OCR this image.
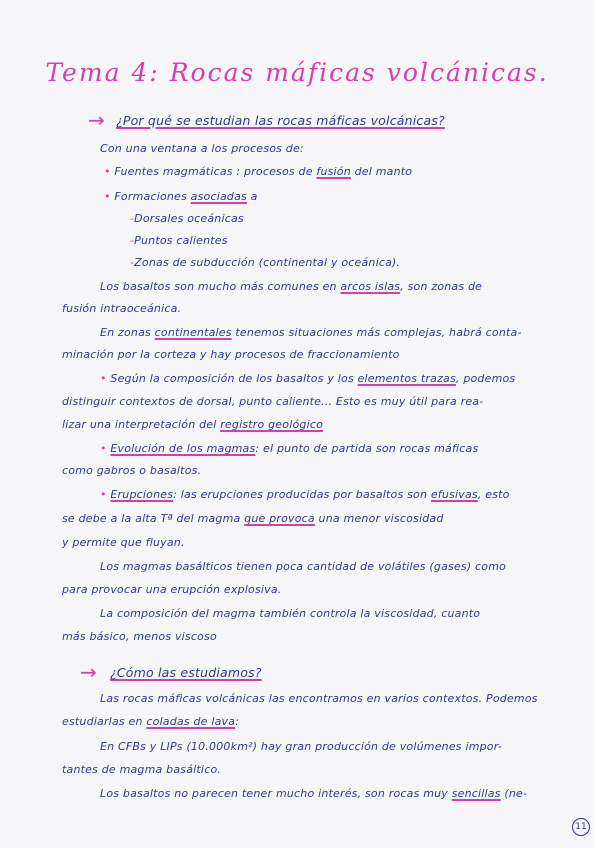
Tema 4: Rocas máficas volcánicas.
→ ¿Por qué se estudian las rocas máficas volcánicas?
Con una ventana a los procesos de:
• Fuentes magmáticas : procesos de fusión del manto
• Formaciones asociadas a
-Dorsales oceánicas
-Puntos calientes
-Zonas de subducción (continental y oceánica).
Los basaltos son mucho más comunes en arcos islas, son zonas de
fusión intraoceánica.
En zonas continentales tenemos situaciones más complejas, habrá conta-
minación por la corteza y hay procesos de fraccionamiento
• Según la composición de los basaltos y los elementos trazas, podemos
distinguir contextos de dorsal, punto caliente... Esto es muy útil para rea-
lizar una interpretación del registro geológico
• Evolución de los magmas: el punto de partida son rocas máficas
como gabros o basaltos.
• Erupciones: las erupciones producidas por basaltos son efusivas, esto
se debe a la alta Tª del magma que provoca una menor viscosidad
y permite que fluyan.
Los magmas basálticos tienen poca cantidad de volátiles (gases) como
para provocar una erupción explosiva.
La composición del magma también controla la viscosidad, cuanto
más básico, menos viscoso
→ ¿Cómo las estudiamos?
Las rocas máficas volcánicas las encontramos en varios contextos. Podemos
estudiarlas en coladas de lava:
En CFBs y LIPs (10.000km²) hay gran producción de volúmenes impor-
tantes de magma basáltico.
Los basaltos no parecen tener mucho interés, son rocas muy sencillas (ne-
11
